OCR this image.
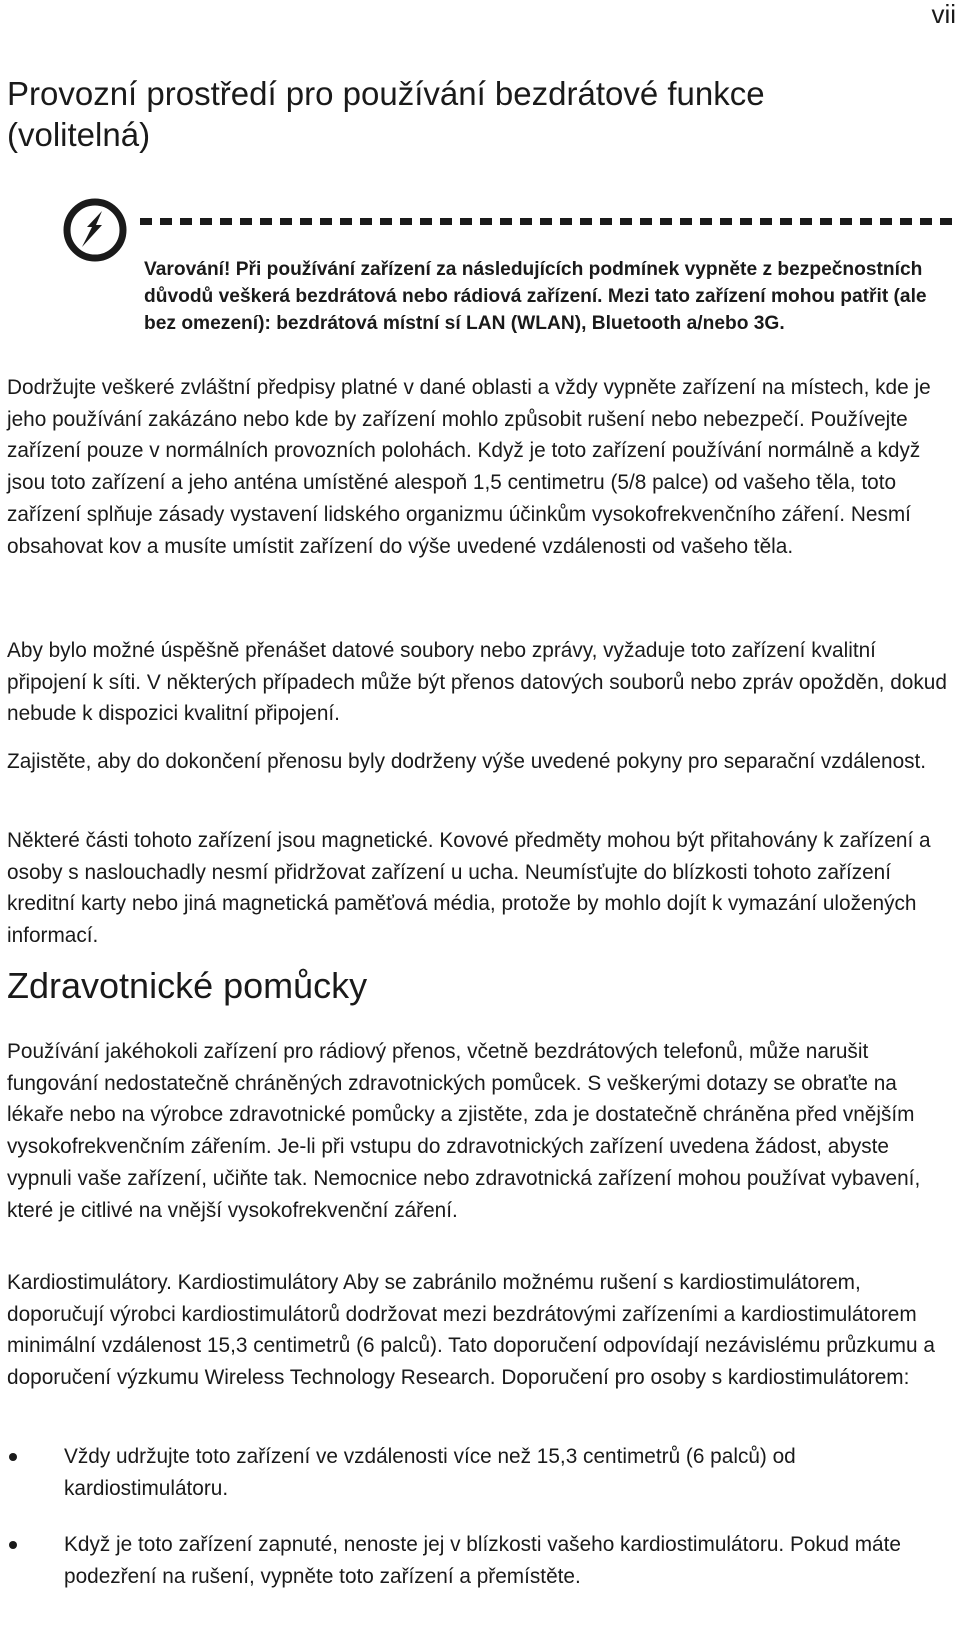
vii
Provozní prostředí pro používání bezdrátové funkce
(volitelná)
Varování! Při používání zařízení za následujících podmínek vypněte z bezpečnostních důvodů veškerá bezdrátová nebo rádiová zařízení. Mezi tato zařízení mohou patřit (ale bez omezení): bezdrátová místní sí LAN (WLAN), Bluetooth a/nebo 3G.

Dodržujte veškeré zvláštní předpisy platné v dané oblasti a vždy vypněte zařízení na místech, kde je jeho používání zakázáno nebo kde by zařízení mohlo způsobit rušení nebo nebezpečí. Používejte zařízení pouze v normálních provozních polohách. Když je toto zařízení používání normálně a když jsou toto zařízení a jeho anténa umístěné alespoň 1,5 centimetru (5/8 palce) od vašeho těla, toto zařízení splňuje zásady vystavení lidského organizmu účinkům vysokofrekvenčního záření. Nesmí obsahovat kov a musíte umístit zařízení do výše uvedené vzdálenosti od vašeho těla.

Aby bylo možné úspěšně přenášet datové soubory nebo zprávy, vyžaduje toto zařízení kvalitní připojení k síti. V některých případech může být přenos datových souborů nebo zpráv opožděn, dokud nebude k dispozici kvalitní připojení.

Zajistěte, aby do dokončení přenosu byly dodrženy výše uvedené pokyny pro separační vzdálenost.

Některé části tohoto zařízení jsou magnetické. Kovové předměty mohou být přitahovány k zařízení a osoby s naslouchadly nesmí přidržovat zařízení u ucha. Neumísťujte do blízkosti tohoto zařízení kreditní karty nebo jiná magnetická paměťová média, protože by mohlo dojít k vymazání uložených informací.

Zdravotnické pomůcky

Používání jakéhokoli zařízení pro rádiový přenos, včetně bezdrátových telefonů, může narušit fungování nedostatečně chráněných zdravotnických pomůcek. S veškerými dotazy se obraťte na lékaře nebo na výrobce zdravotnické pomůcky a zjistěte, zda je dostatečně chráněna před vnějším vysokofrekvenčním zářením. Je-li při vstupu do zdravotnických zařízení uvedena žádost, abyste vypnuli vaše zařízení, učiňte tak. Nemocnice nebo zdravotnická zařízení mohou používat vybavení, které je citlivé na vnější vysokofrekvenční záření.

Kardiostimulátory. Kardiostimulátory Aby se zabránilo možnému rušení s kardiostimulátorem, doporučují výrobci kardiostimulátorů dodržovat mezi bezdrátovými zařízeními a kardiostimulátorem minimální vzdálenost 15,3 centimetrů (6 palců). Tato doporučení odpovídají nezávislému průzkumu a doporučení výzkumu Wireless Technology Research. Doporučení pro osoby s kardiostimulátorem:

Vždy udržujte toto zařízení ve vzdálenosti více než 15,3 centimetrů (6 palců) od kardiostimulátoru.
Když je toto zařízení zapnuté, nenoste jej v blízkosti vašeho kardiostimulátoru. Pokud máte podezření na rušení, vypněte toto zařízení a přemístěte.
